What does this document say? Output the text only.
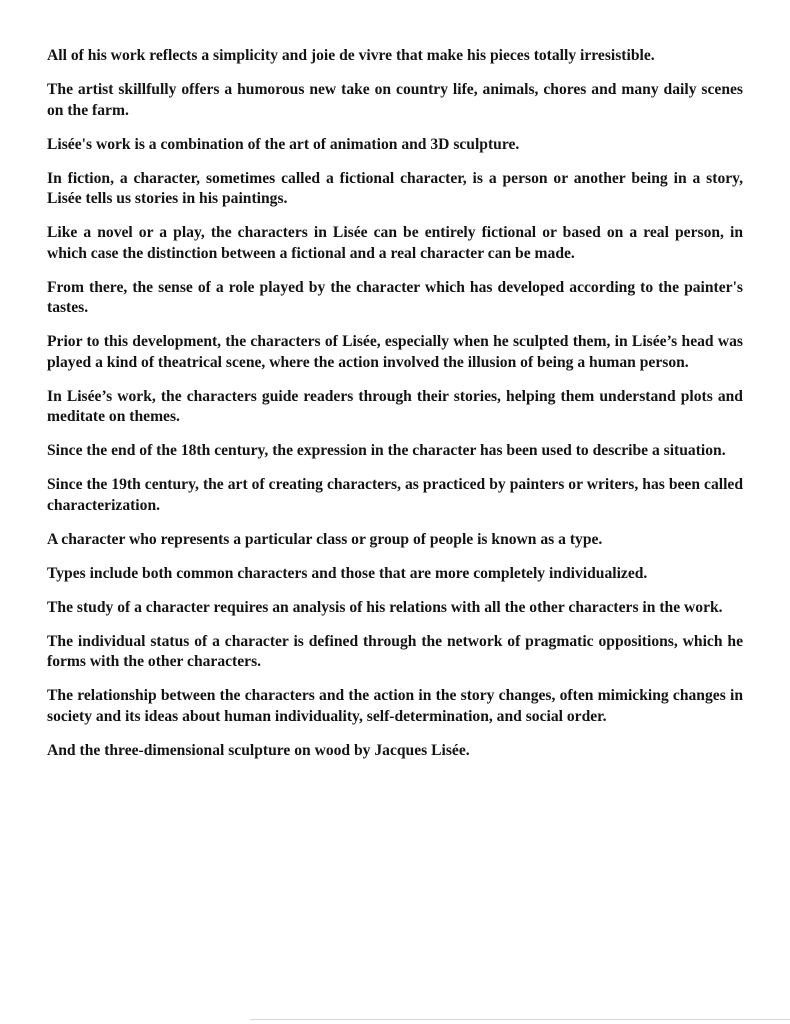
All of his work reflects a simplicity and joie de vivre that make his pieces totally irresistible.

The artist skillfully offers a humorous new take on country life, animals, chores and many daily scenes on the farm.

Lisée's work is a combination of the art of animation and 3D sculpture.

In fiction, a character, sometimes called a fictional character, is a person or another being in a story, Lisée tells us stories in his paintings.

Like a novel or a play, the characters in Lisée can be entirely fictional or based on a real person, in which case the distinction between a fictional and a real character can be made.

From there, the sense of a role played by the character which has developed according to the painter's tastes.

Prior to this development, the characters of Lisée, especially when he sculpted them, in Lisée’s head was played a kind of theatrical scene, where the action involved the illusion of being a human person.

In Lisée’s work, the characters guide readers through their stories, helping them understand plots and meditate on themes.

Since the end of the 18th century, the expression in the character has been used to describe a situation.

Since the 19th century, the art of creating characters, as practiced by painters or writers, has been called characterization.

A character who represents a particular class or group of people is known as a type.

Types include both common characters and those that are more completely individualized.

The study of a character requires an analysis of his relations with all the other characters in the work.

The individual status of a character is defined through the network of pragmatic oppositions, which he forms with the other characters.

The relationship between the characters and the action in the story changes, often mimicking changes in society and its ideas about human individuality, self-determination, and social order.

And the three-dimensional sculpture on wood by Jacques Lisée.
